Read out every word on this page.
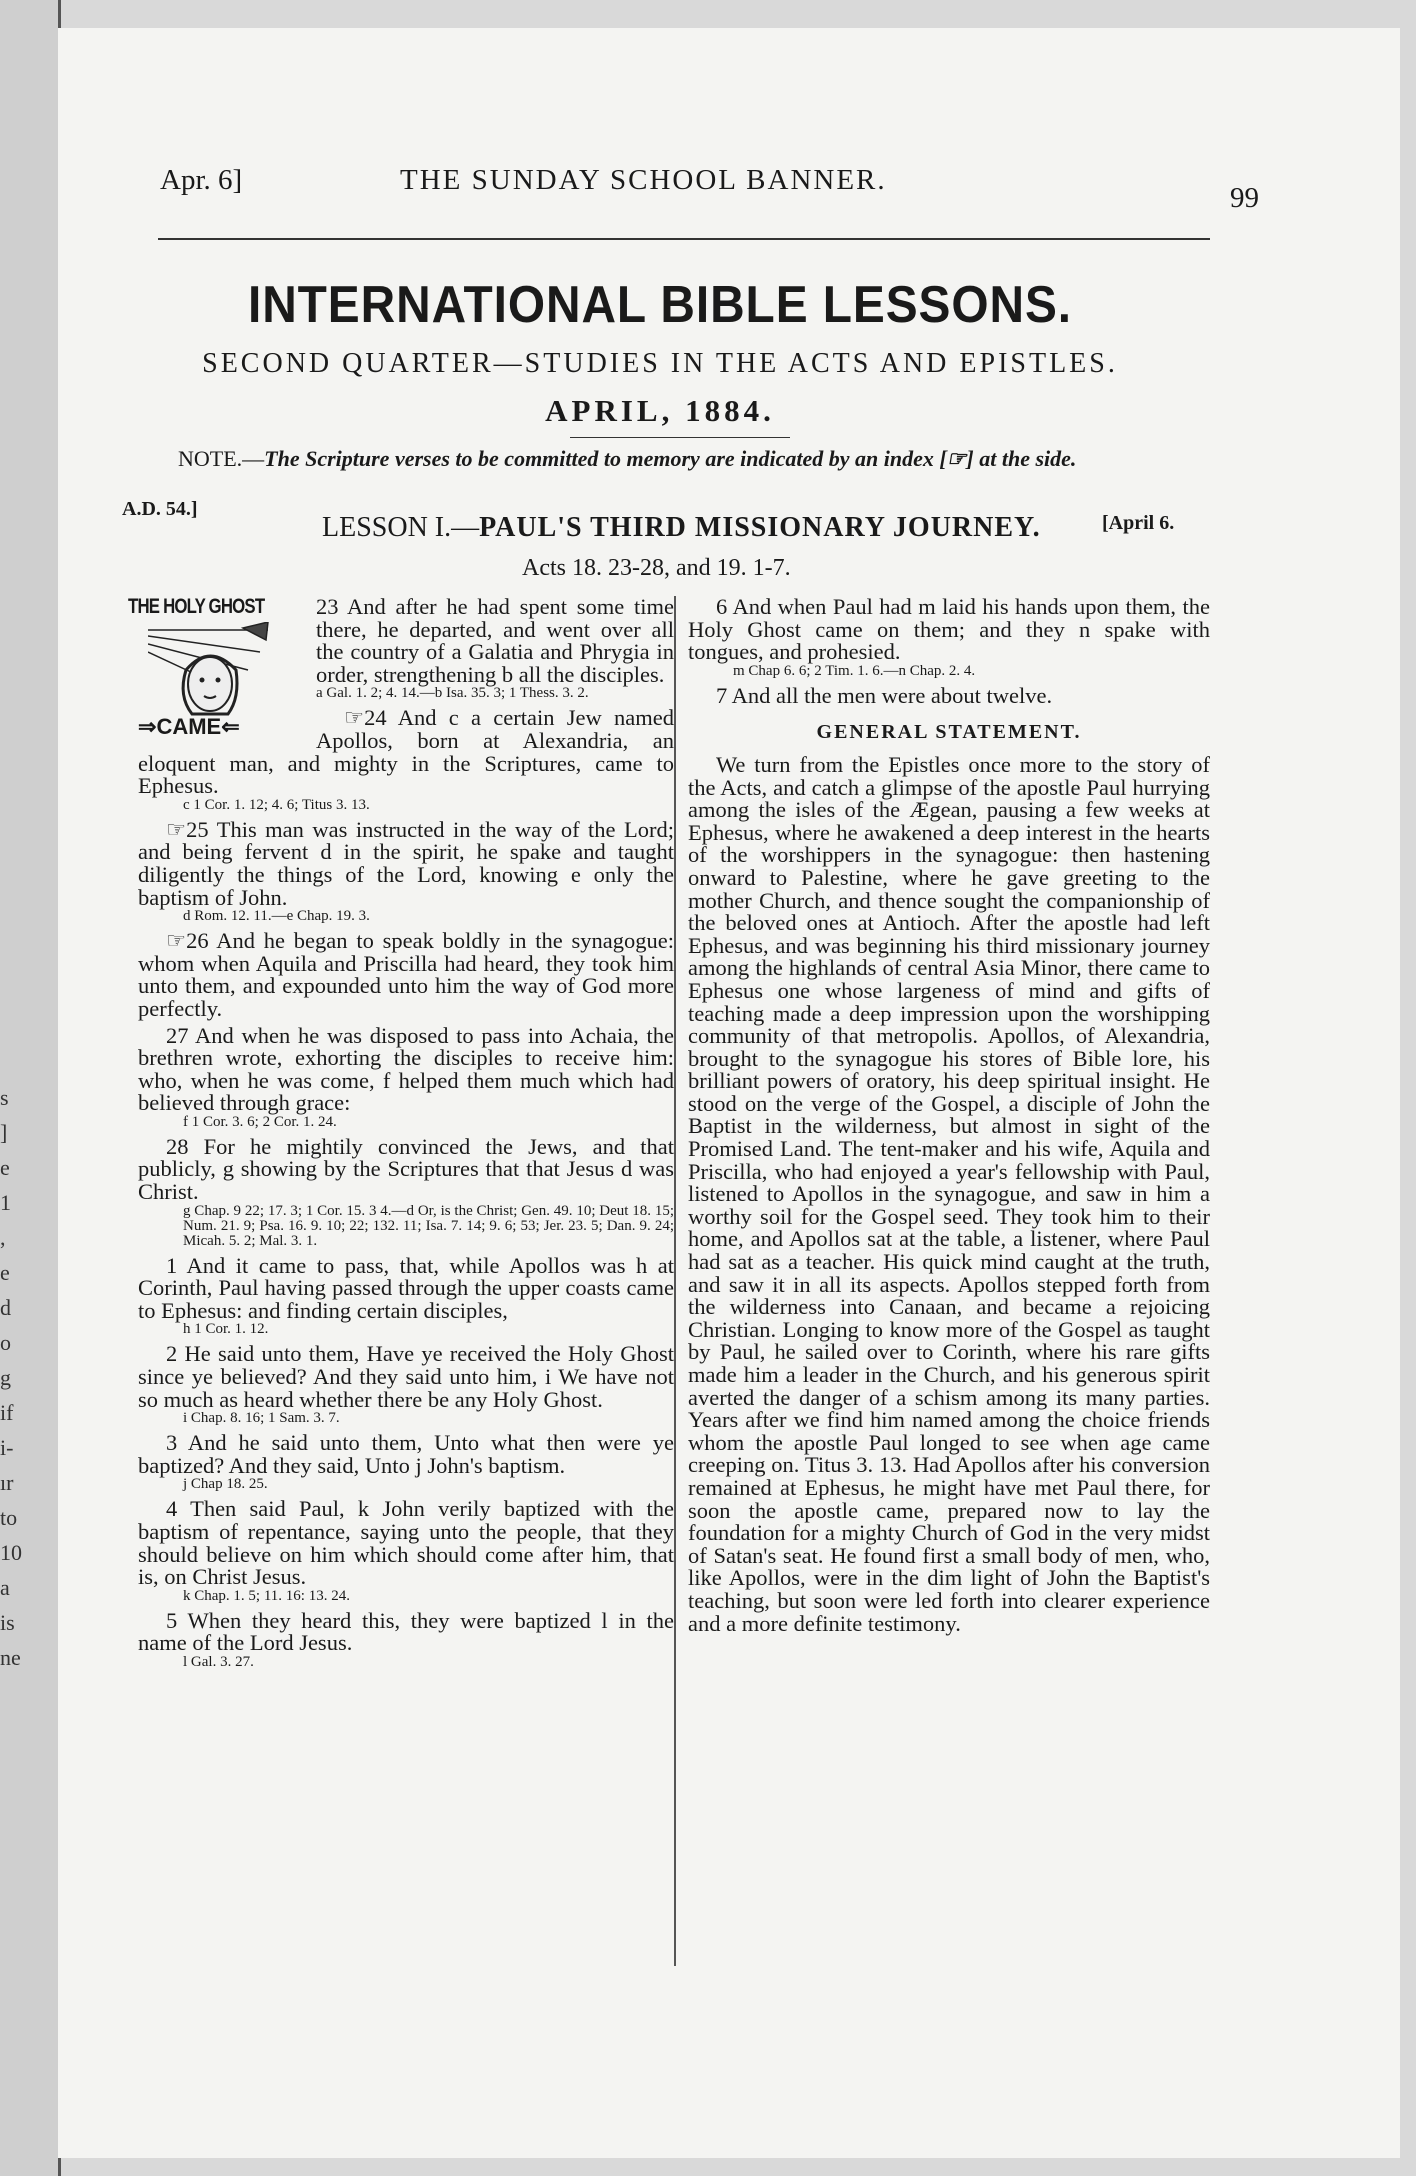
s
]
e
1
,
e
d
o
g
if
i-
ır
to
10
a
is
ne
Apr. 6]	THE SUNDAY SCHOOL BANNER.
99
INTERNATIONAL BIBLE LESSONS.
SECOND QUARTER—STUDIES IN THE ACTS AND EPISTLES.
APRIL, 1884.
NOTE.—The Scripture verses to be committed to memory are indicated by an index [☞] at the side.
A.D. 54.]
LESSON I.—PAUL'S THIRD MISSIONARY JOURNEY.	[April 6.
Acts 18. 23-28, and 19. 1-7.
THE HOLY GHOST
⇒CAME⇐

23 And after he had spent some time there, he departed, and went over all the country of a Galatia and Phrygia in order, strengthening b all the disciples.

a Gal. 1. 2; 4. 14.—b Isa. 35. 3; 1 Thess. 3. 2.

☞24 And c a certain Jew named Apollos, born at Alexandria, an eloquent man, and mighty in the Scriptures, came to Ephesus.

c 1 Cor. 1. 12; 4. 6; Titus 3. 13.

☞25 This man was instructed in the way of the Lord; and being fervent d in the spirit, he spake and taught diligently the things of the Lord, knowing e only the baptism of John.

d Rom. 12. 11.—e Chap. 19. 3.

☞26 And he began to speak boldly in the synagogue: whom when Aquila and Priscilla had heard, they took him unto them, and expounded unto him the way of God more perfectly.

27 And when he was disposed to pass into Achaia, the brethren wrote, exhorting the disciples to receive him: who, when he was come, f helped them much which had believed through grace:

f 1 Cor. 3. 6; 2 Cor. 1. 24.

28 For he mightily convinced the Jews, and that publicly, g showing by the Scriptures that that Jesus d was Christ.

g Chap. 9 22; 17. 3; 1 Cor. 15. 3 4.—d Or, is the Christ; Gen. 49. 10; Deut 18. 15; Num. 21. 9; Psa. 16. 9. 10; 22; 132. 11; Isa. 7. 14; 9. 6; 53; Jer. 23. 5; Dan. 9. 24; Micah. 5. 2; Mal. 3. 1.

1 And it came to pass, that, while Apollos was h at Corinth, Paul having passed through the upper coasts came to Ephesus: and finding certain disciples,

h 1 Cor. 1. 12.

2 He said unto them, Have ye received the Holy Ghost since ye believed? And they said unto him, i We have not so much as heard whether there be any Holy Ghost.

i Chap. 8. 16; 1 Sam. 3. 7.

3 And he said unto them, Unto what then were ye baptized? And they said, Unto j John's baptism.

j Chap 18. 25.

4 Then said Paul, k John verily baptized with the baptism of repentance, saying unto the people, that they should believe on him which should come after him, that is, on Christ Jesus.

k Chap. 1. 5; 11. 16: 13. 24.

5 When they heard this, they were baptized l in the name of the Lord Jesus.

l Gal. 3. 27.

6 And when Paul had m laid his hands upon them, the Holy Ghost came on them; and they n spake with tongues, and prohesied.

m Chap 6. 6; 2 Tim. 1. 6.—n Chap. 2. 4.

7 And all the men were about twelve.

GENERAL STATEMENT.

We turn from the Epistles once more to the story of the Acts, and catch a glimpse of the apostle Paul hurrying among the isles of the Ægean, pausing a few weeks at Ephesus, where he awakened a deep interest in the hearts of the worshippers in the synagogue: then hastening onward to Palestine, where he gave greeting to the mother Church, and thence sought the companionship of the beloved ones at Antioch. After the apostle had left Ephesus, and was beginning his third missionary journey among the highlands of central Asia Minor, there came to Ephesus one whose largeness of mind and gifts of teaching made a deep impression upon the worshipping community of that metropolis. Apollos, of Alexandria, brought to the synagogue his stores of Bible lore, his brilliant powers of oratory, his deep spiritual insight. He stood on the verge of the Gospel, a disciple of John the Baptist in the wilderness, but almost in sight of the Promised Land. The tent-maker and his wife, Aquila and Priscilla, who had enjoyed a year's fellowship with Paul, listened to Apollos in the synagogue, and saw in him a worthy soil for the Gospel seed. They took him to their home, and Apollos sat at the table, a listener, where Paul had sat as a teacher. His quick mind caught at the truth, and saw it in all its aspects. Apollos stepped forth from the wilderness into Canaan, and became a rejoicing Christian. Longing to know more of the Gospel as taught by Paul, he sailed over to Corinth, where his rare gifts made him a leader in the Church, and his generous spirit averted the danger of a schism among its many parties. Years after we find him named among the choice friends whom the apostle Paul longed to see when age came creeping on. Titus 3. 13. Had Apollos after his conversion remained at Ephesus, he might have met Paul there, for soon the apostle came, prepared now to lay the foundation for a mighty Church of God in the very midst of Satan's seat. He found first a small body of men, who, like Apollos, were in the dim light of John the Baptist's teaching, but soon were led forth into clearer experience and a more definite testimony.
